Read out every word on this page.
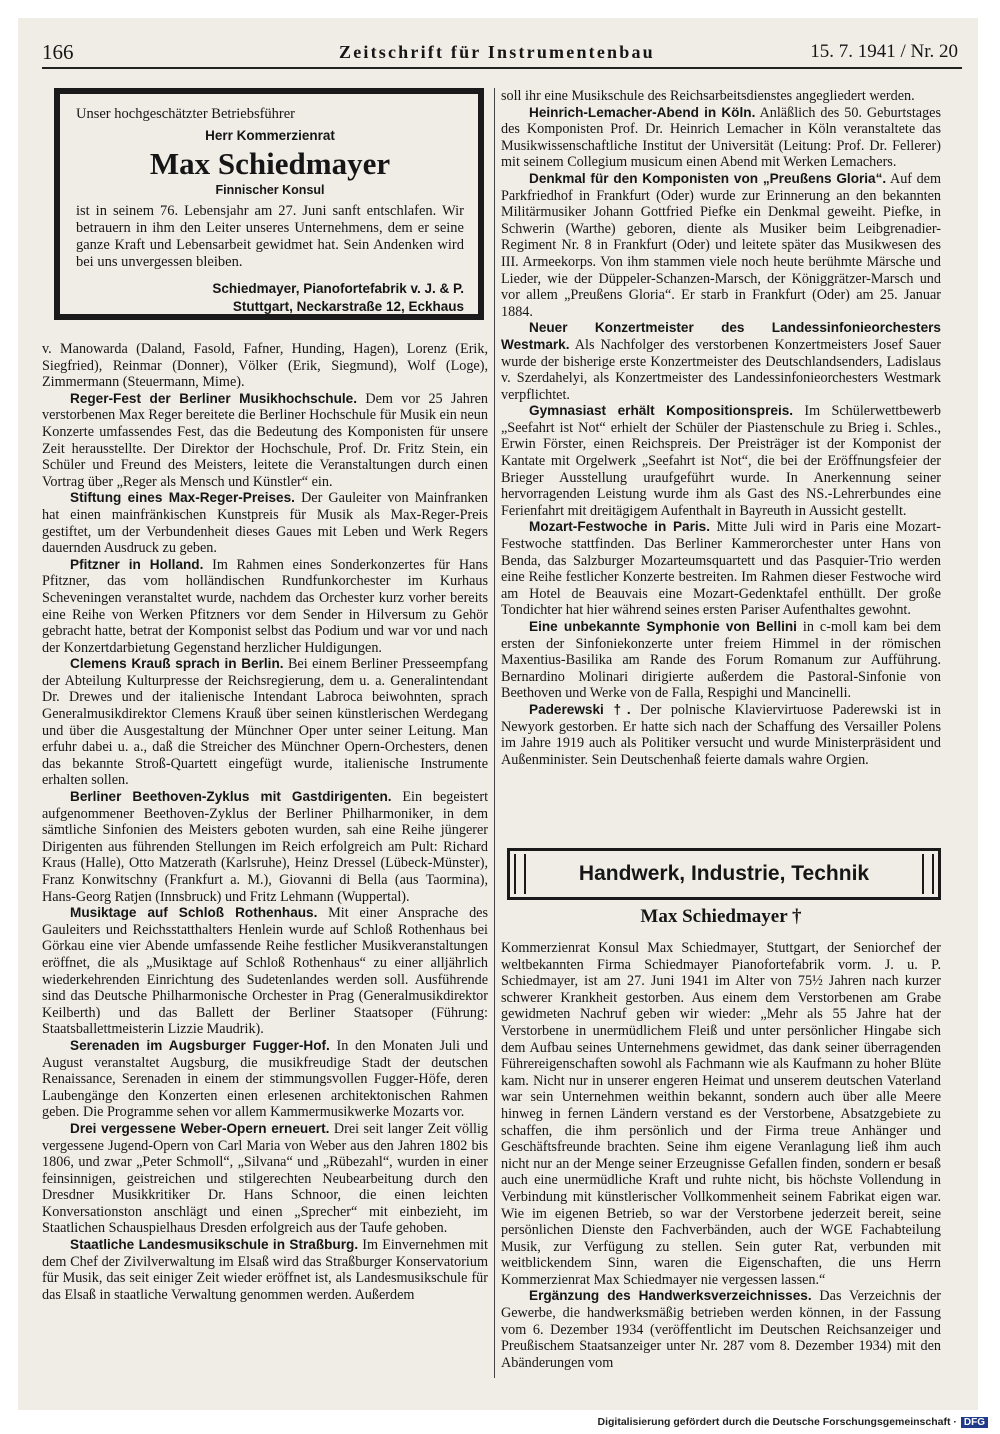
166	Zeitschrift für Instrumentenbau	15. 7. 1941 / Nr. 20

Unser hochgeschätzter Betriebsführer

Herr Kommerzienrat

Max Schiedmayer

Finnischer Konsul

ist in seinem 76. Lebensjahr am 27. Juni sanft entschlafen. Wir betrauern in ihm den Leiter unseres Unternehmens, dem er seine ganze Kraft und Lebensarbeit gewidmet hat. Sein Andenken wird bei uns unvergessen bleiben.

Schiedmayer, Pianofortefabrik v. J. & P.
Stuttgart, Neckarstraße 12, Eckhaus

v. Manowarda (Daland, Fasold, Fafner, Hunding, Hagen), Lorenz (Erik, Siegfried), Reinmar (Donner), Völker (Erik, Siegmund), Wolf (Loge), Zimmermann (Steuermann, Mime).

Reger-Fest der Berliner Musikhochschule. Dem vor 25 Jahren verstorbenen Max Reger bereitete die Berliner Hochschule für Musik ein neun Konzerte umfassendes Fest, das die Bedeutung des Komponisten für unsere Zeit herausstellte. Der Direktor der Hochschule, Prof. Dr. Fritz Stein, ein Schüler und Freund des Meisters, leitete die Veranstaltungen durch einen Vortrag über „Reger als Mensch und Künstler“ ein.

Stiftung eines Max-Reger-Preises. Der Gauleiter von Mainfranken hat einen mainfränkischen Kunstpreis für Musik als Max-Reger-Preis gestiftet, um der Verbundenheit dieses Gaues mit Leben und Werk Regers dauernden Ausdruck zu geben.

Pfitzner in Holland. Im Rahmen eines Sonderkonzertes für Hans Pfitzner, das vom holländischen Rundfunkorchester im Kurhaus Scheveningen veranstaltet wurde, nachdem das Orchester kurz vorher bereits eine Reihe von Werken Pfitzners vor dem Sender in Hilversum zu Gehör gebracht hatte, betrat der Komponist selbst das Podium und war vor und nach der Konzertdarbietung Gegenstand herzlicher Huldigungen.

Clemens Krauß sprach in Berlin. Bei einem Berliner Presseempfang der Abteilung Kulturpresse der Reichsregierung, dem u. a. Generalintendant Dr. Drewes und der italienische Intendant Labroca beiwohnten, sprach Generalmusikdirektor Clemens Krauß über seinen künstlerischen Werdegang und über die Ausgestaltung der Münchner Oper unter seiner Leitung. Man erfuhr dabei u. a., daß die Streicher des Münchner Opern-Orchesters, denen das bekannte Stroß-Quartett eingefügt wurde, italienische Instrumente erhalten sollen.

Berliner Beethoven-Zyklus mit Gastdirigenten. Ein begeistert aufgenommener Beethoven-Zyklus der Berliner Philharmoniker, in dem sämtliche Sinfonien des Meisters geboten wurden, sah eine Reihe jüngerer Dirigenten aus führenden Stellungen im Reich erfolgreich am Pult: Richard Kraus (Halle), Otto Matzerath (Karlsruhe), Heinz Dressel (Lübeck-Münster), Franz Konwitschny (Frankfurt a. M.), Giovanni di Bella (aus Taormina), Hans-Georg Ratjen (Innsbruck) und Fritz Lehmann (Wuppertal).

Musiktage auf Schloß Rothenhaus. Mit einer Ansprache des Gauleiters und Reichsstatthalters Henlein wurde auf Schloß Rothenhaus bei Görkau eine vier Abende umfassende Reihe festlicher Musikveranstaltungen eröffnet, die als „Musiktage auf Schloß Rothenhaus“ zu einer alljährlich wiederkehrenden Einrichtung des Sudetenlandes werden soll. Ausführende sind das Deutsche Philharmonische Orchester in Prag (Generalmusikdirektor Keilberth) und das Ballett der Berliner Staatsoper (Führung: Staatsballettmeisterin Lizzie Maudrik).

Serenaden im Augsburger Fugger-Hof. In den Monaten Juli und August veranstaltet Augsburg, die musikfreudige Stadt der deutschen Renaissance, Serenaden in einem der stimmungsvollen Fugger-Höfe, deren Laubengänge den Konzerten einen erlesenen architektonischen Rahmen geben. Die Programme sehen vor allem Kammermusikwerke Mozarts vor.

Drei vergessene Weber-Opern erneuert. Drei seit langer Zeit völlig vergessene Jugend-Opern von Carl Maria von Weber aus den Jahren 1802 bis 1806, und zwar „Peter Schmoll“, „Silvana“ und „Rübezahl“, wurden in einer feinsinnigen, geistreichen und stilgerechten Neubearbeitung durch den Dresdner Musikkritiker Dr. Hans Schnoor, die einen leichten Konversationston anschlägt und einen „Sprecher“ mit einbezieht, im Staatlichen Schauspielhaus Dresden erfolgreich aus der Taufe gehoben.

Staatliche Landesmusikschule in Straßburg. Im Einvernehmen mit dem Chef der Zivilverwaltung im Elsaß wird das Straßburger Konservatorium für Musik, das seit einiger Zeit wieder eröffnet ist, als Landesmusikschule für das Elsaß in staatliche Verwaltung genommen werden. Außerdem

soll ihr eine Musikschule des Reichsarbeitsdienstes angegliedert werden.

Heinrich-Lemacher-Abend in Köln. Anläßlich des 50. Geburtstages des Komponisten Prof. Dr. Heinrich Lemacher in Köln veranstaltete das Musikwissenschaftliche Institut der Universität (Leitung: Prof. Dr. Fellerer) mit seinem Collegium musicum einen Abend mit Werken Lemachers.

Denkmal für den Komponisten von „Preußens Gloria“. Auf dem Parkfriedhof in Frankfurt (Oder) wurde zur Erinnerung an den bekannten Militärmusiker Johann Gottfried Piefke ein Denkmal geweiht. Piefke, in Schwerin (Warthe) geboren, diente als Musiker beim Leibgrenadier-Regiment Nr. 8 in Frankfurt (Oder) und leitete später das Musikwesen des III. Armeekorps. Von ihm stammen viele noch heute berühmte Märsche und Lieder, wie der Düppeler-Schanzen-Marsch, der Königgrätzer-Marsch und vor allem „Preußens Gloria“. Er starb in Frankfurt (Oder) am 25. Januar 1884.

Neuer Konzertmeister des Landessinfonieorchesters Westmark. Als Nachfolger des verstorbenen Konzertmeisters Josef Sauer wurde der bisherige erste Konzertmeister des Deutschlandsenders, Ladislaus v. Szerdahelyi, als Konzertmeister des Landessinfonieorchesters Westmark verpflichtet.

Gymnasiast erhält Kompositionspreis. Im Schülerwettbewerb „Seefahrt ist Not“ erhielt der Schüler der Piastenschule zu Brieg i. Schles., Erwin Förster, einen Reichspreis. Der Preisträger ist der Komponist der Kantate mit Orgelwerk „Seefahrt ist Not“, die bei der Eröffnungsfeier der Brieger Ausstellung uraufgeführt wurde. In Anerkennung seiner hervorragenden Leistung wurde ihm als Gast des NS.-Lehrerbundes eine Ferienfahrt mit dreitägigem Aufenthalt in Bayreuth in Aussicht gestellt.

Mozart-Festwoche in Paris. Mitte Juli wird in Paris eine Mozart-Festwoche stattfinden. Das Berliner Kammerorchester unter Hans von Benda, das Salzburger Mozarteumsquartett und das Pasquier-Trio werden eine Reihe festlicher Konzerte bestreiten. Im Rahmen dieser Festwoche wird am Hotel de Beauvais eine Mozart-Gedenktafel enthüllt. Der große Tondichter hat hier während seines ersten Pariser Aufenthaltes gewohnt.

Eine unbekannte Symphonie von Bellini in c-moll kam bei dem ersten der Sinfoniekonzerte unter freiem Himmel in der römischen Maxentius-Basilika am Rande des Forum Romanum zur Aufführung. Bernardino Molinari dirigierte außerdem die Pastoral-Sinfonie von Beethoven und Werke von de Falla, Respighi und Mancinelli.

Paderewski †. Der polnische Klaviervirtuose Paderewski ist in Newyork gestorben. Er hatte sich nach der Schaffung des Versailler Polens im Jahre 1919 auch als Politiker versucht und wurde Ministerpräsident und Außenminister. Sein Deutschenhaß feierte damals wahre Orgien.

Handwerk, Industrie, Technik
Max Schiedmayer †

Kommerzienrat Konsul Max Schiedmayer, Stuttgart, der Seniorchef der weltbekannten Firma Schiedmayer Pianofortefabrik vorm. J. u. P. Schiedmayer, ist am 27. Juni 1941 im Alter von 75½ Jahren nach kurzer schwerer Krankheit gestorben. Aus einem dem Verstorbenen am Grabe gewidmeten Nachruf geben wir wieder: „Mehr als 55 Jahre hat der Verstorbene in unermüdlichem Fleiß und unter persönlicher Hingabe sich dem Aufbau seines Unternehmens gewidmet, das dank seiner überragenden Führereigenschaften sowohl als Fachmann wie als Kaufmann zu hoher Blüte kam. Nicht nur in unserer engeren Heimat und unserem deutschen Vaterland war sein Unternehmen weithin bekannt, sondern auch über alle Meere hinweg in fernen Ländern verstand es der Verstorbene, Absatzgebiete zu schaffen, die ihm persönlich und der Firma treue Anhänger und Geschäftsfreunde brachten. Seine ihm eigene Veranlagung ließ ihm auch nicht nur an der Menge seiner Erzeugnisse Gefallen finden, sondern er besaß auch eine unermüdliche Kraft und ruhte nicht, bis höchste Vollendung in Verbindung mit künstlerischer Vollkommenheit seinem Fabrikat eigen war. Wie im eigenen Betrieb, so war der Verstorbene jederzeit bereit, seine persönlichen Dienste den Fachverbänden, auch der WGE Fachabteilung Musik, zur Verfügung zu stellen. Sein guter Rat, verbunden mit weitblickendem Sinn, waren die Eigenschaften, die uns Herrn Kommerzienrat Max Schiedmayer nie vergessen lassen.“

Ergänzung des Handwerksverzeichnisses. Das Verzeichnis der Gewerbe, die handwerksmäßig betrieben werden können, in der Fassung vom 6. Dezember 1934 (veröffentlicht im Deutschen Reichsanzeiger und Preußischem Staatsanzeiger unter Nr. 287 vom 8. Dezember 1934) mit den Abänderungen vom

Digitalisierung gefördert durch die Deutsche Forschungsgemeinschaft · DFG
